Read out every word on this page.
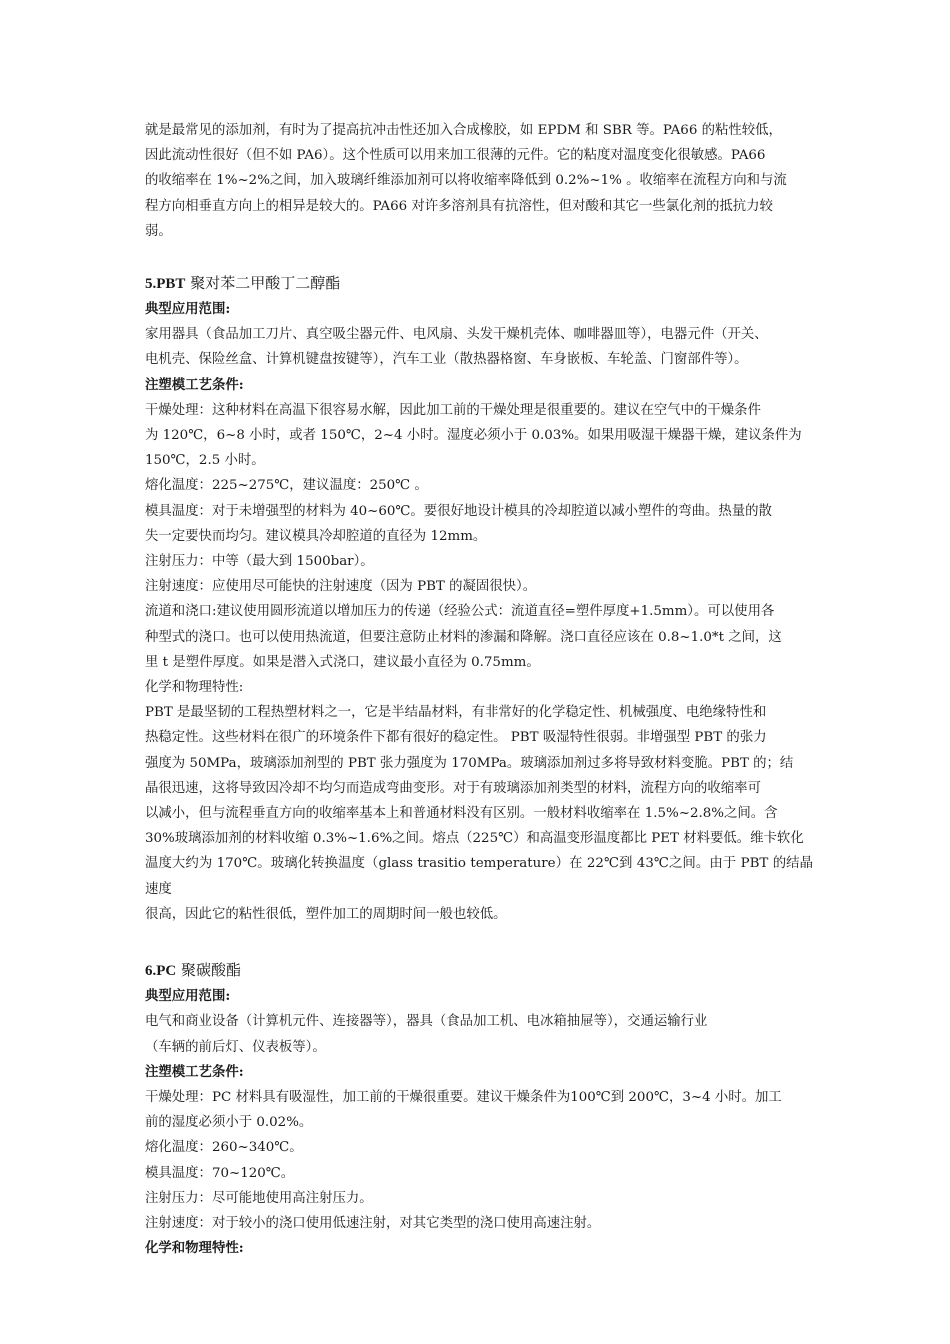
就是最常见的添加剂，有时为了提高抗冲击性还加入合成橡胶，如 EPDM 和 SBR 等。PA66 的粘性较低，

因此流动性很好（但不如 PA6）。这个性质可以用来加工很薄的元件。它的粘度对温度变化很敏感。PA66

的收缩率在 1%~2%之间，加入玻璃纤维添加剂可以将收缩率降低到 0.2%~1% 。收缩率在流程方向和与流

程方向相垂直方向上的相异是较大的。PA66 对许多溶剂具有抗溶性，但对酸和其它一些氯化剂的抵抗力较

弱。

5.PBT 聚对苯二甲酸丁二醇酯

典型应用范围:

家用器具（食品加工刀片、真空吸尘器元件、电风扇、头发干燥机壳体、咖啡器皿等），电器元件（开关、

电机壳、保险丝盒、计算机键盘按键等），汽车工业（散热器格窗、车身嵌板、车轮盖、门窗部件等）。

注塑模工艺条件:

干燥处理：这种材料在高温下很容易水解，因此加工前的干燥处理是很重要的。建议在空气中的干燥条件

为 120℃，6~8 小时，或者 150℃，2~4 小时。湿度必须小于 0.03%。如果用吸湿干燥器干燥，建议条件为

150℃，2.5 小时。

熔化温度：225~275℃，建议温度：250℃ 。

模具温度：对于未增强型的材料为 40~60℃。要很好地设计模具的冷却腔道以减小塑件的弯曲。热量的散

失一定要快而均匀。建议模具冷却腔道的直径为 12mm。

注射压力：中等（最大到 1500bar）。

注射速度：应使用尽可能快的注射速度（因为 PBT 的凝固很快）。

流道和浇口:建议使用圆形流道以增加压力的传递（经验公式：流道直径=塑件厚度+1.5mm）。可以使用各

种型式的浇口。也可以使用热流道，但要注意防止材料的渗漏和降解。浇口直径应该在 0.8~1.0*t 之间，这

里 t 是塑件厚度。如果是潜入式浇口，建议最小直径为 0.75mm。

化学和物理特性:

PBT 是最坚韧的工程热塑材料之一，它是半结晶材料，有非常好的化学稳定性、机械强度、电绝缘特性和

热稳定性。这些材料在很广的环境条件下都有很好的稳定性。 PBT 吸湿特性很弱。非增强型 PBT 的张力

强度为 50MPa，玻璃添加剂型的 PBT 张力强度为 170MPa。玻璃添加剂过多将导致材料变脆。PBT 的；结

晶很迅速，这将导致因冷却不均匀而造成弯曲变形。对于有玻璃添加剂类型的材料，流程方向的收缩率可

以减小，但与流程垂直方向的收缩率基本上和普通材料没有区别。一般材料收缩率在 1.5%~2.8%之间。含

30%玻璃添加剂的材料收缩 0.3%~1.6%之间。熔点（225℃）和高温变形温度都比 PET 材料要低。维卡软化

温度大约为 170℃。玻璃化转换温度（glass trasitio temperature）在 22℃到 43℃之间。由于 PBT 的结晶速度

很高，因此它的粘性很低，塑件加工的周期时间一般也较低。

6.PC 聚碳酸酯

典型应用范围:

电气和商业设备（计算机元件、连接器等），器具（食品加工机、电冰箱抽屉等），交通运输行业

（车辆的前后灯、仪表板等）。

注塑模工艺条件:

干燥处理：PC 材料具有吸湿性，加工前的干燥很重要。建议干燥条件为100℃到 200℃，3~4 小时。加工

前的湿度必须小于 0.02%。

熔化温度：260~340℃。

模具温度：70~120℃。

注射压力：尽可能地使用高注射压力。

注射速度：对于较小的浇口使用低速注射，对其它类型的浇口使用高速注射。

化学和物理特性:
